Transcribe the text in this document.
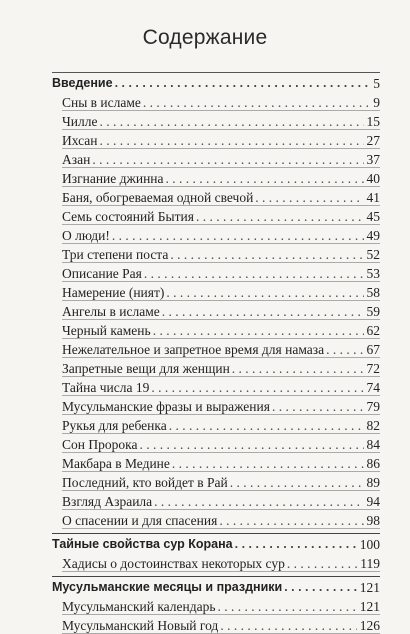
Содержание
Введение . . .	5
Сны в исламе . . .	9
Чилле . . .	15
Ихсан . . .	27
Азан . . .	37
Изгнание джинна . . .	40
Баня, обогреваемая одной свечой . . .	41
Семь состояний Бытия . . .	45
О люди! . . .	49
Три степени поста . . .	52
Описание Рая . . .	53
Намерение (ният) . . .	58
Ангелы в исламе . . .	59
Черный камень . . .	62
Нежелательное и запретное время для намаза . . .	67
Запретные вещи для женщин . . .	72
Тайна числа 19 . . .	74
Мусульманские фразы и выражения . . .	79
Рукья для ребенка . . .	82
Сон Пророка . . .	84
Макбара в Медине . . .	86
Последний, кто войдет в Рай . . .	89
Взгляд Азраила . . .	94
О спасении и для спасения . . .	98
Тайные свойства сур Корана . . .	100
Хадисы о достоинствах некоторых сур . . .	119
Мусульманские месяцы и праздники . . .	121
Мусульманский календарь . . .	121
Мусульманский Новый год . . .	126
